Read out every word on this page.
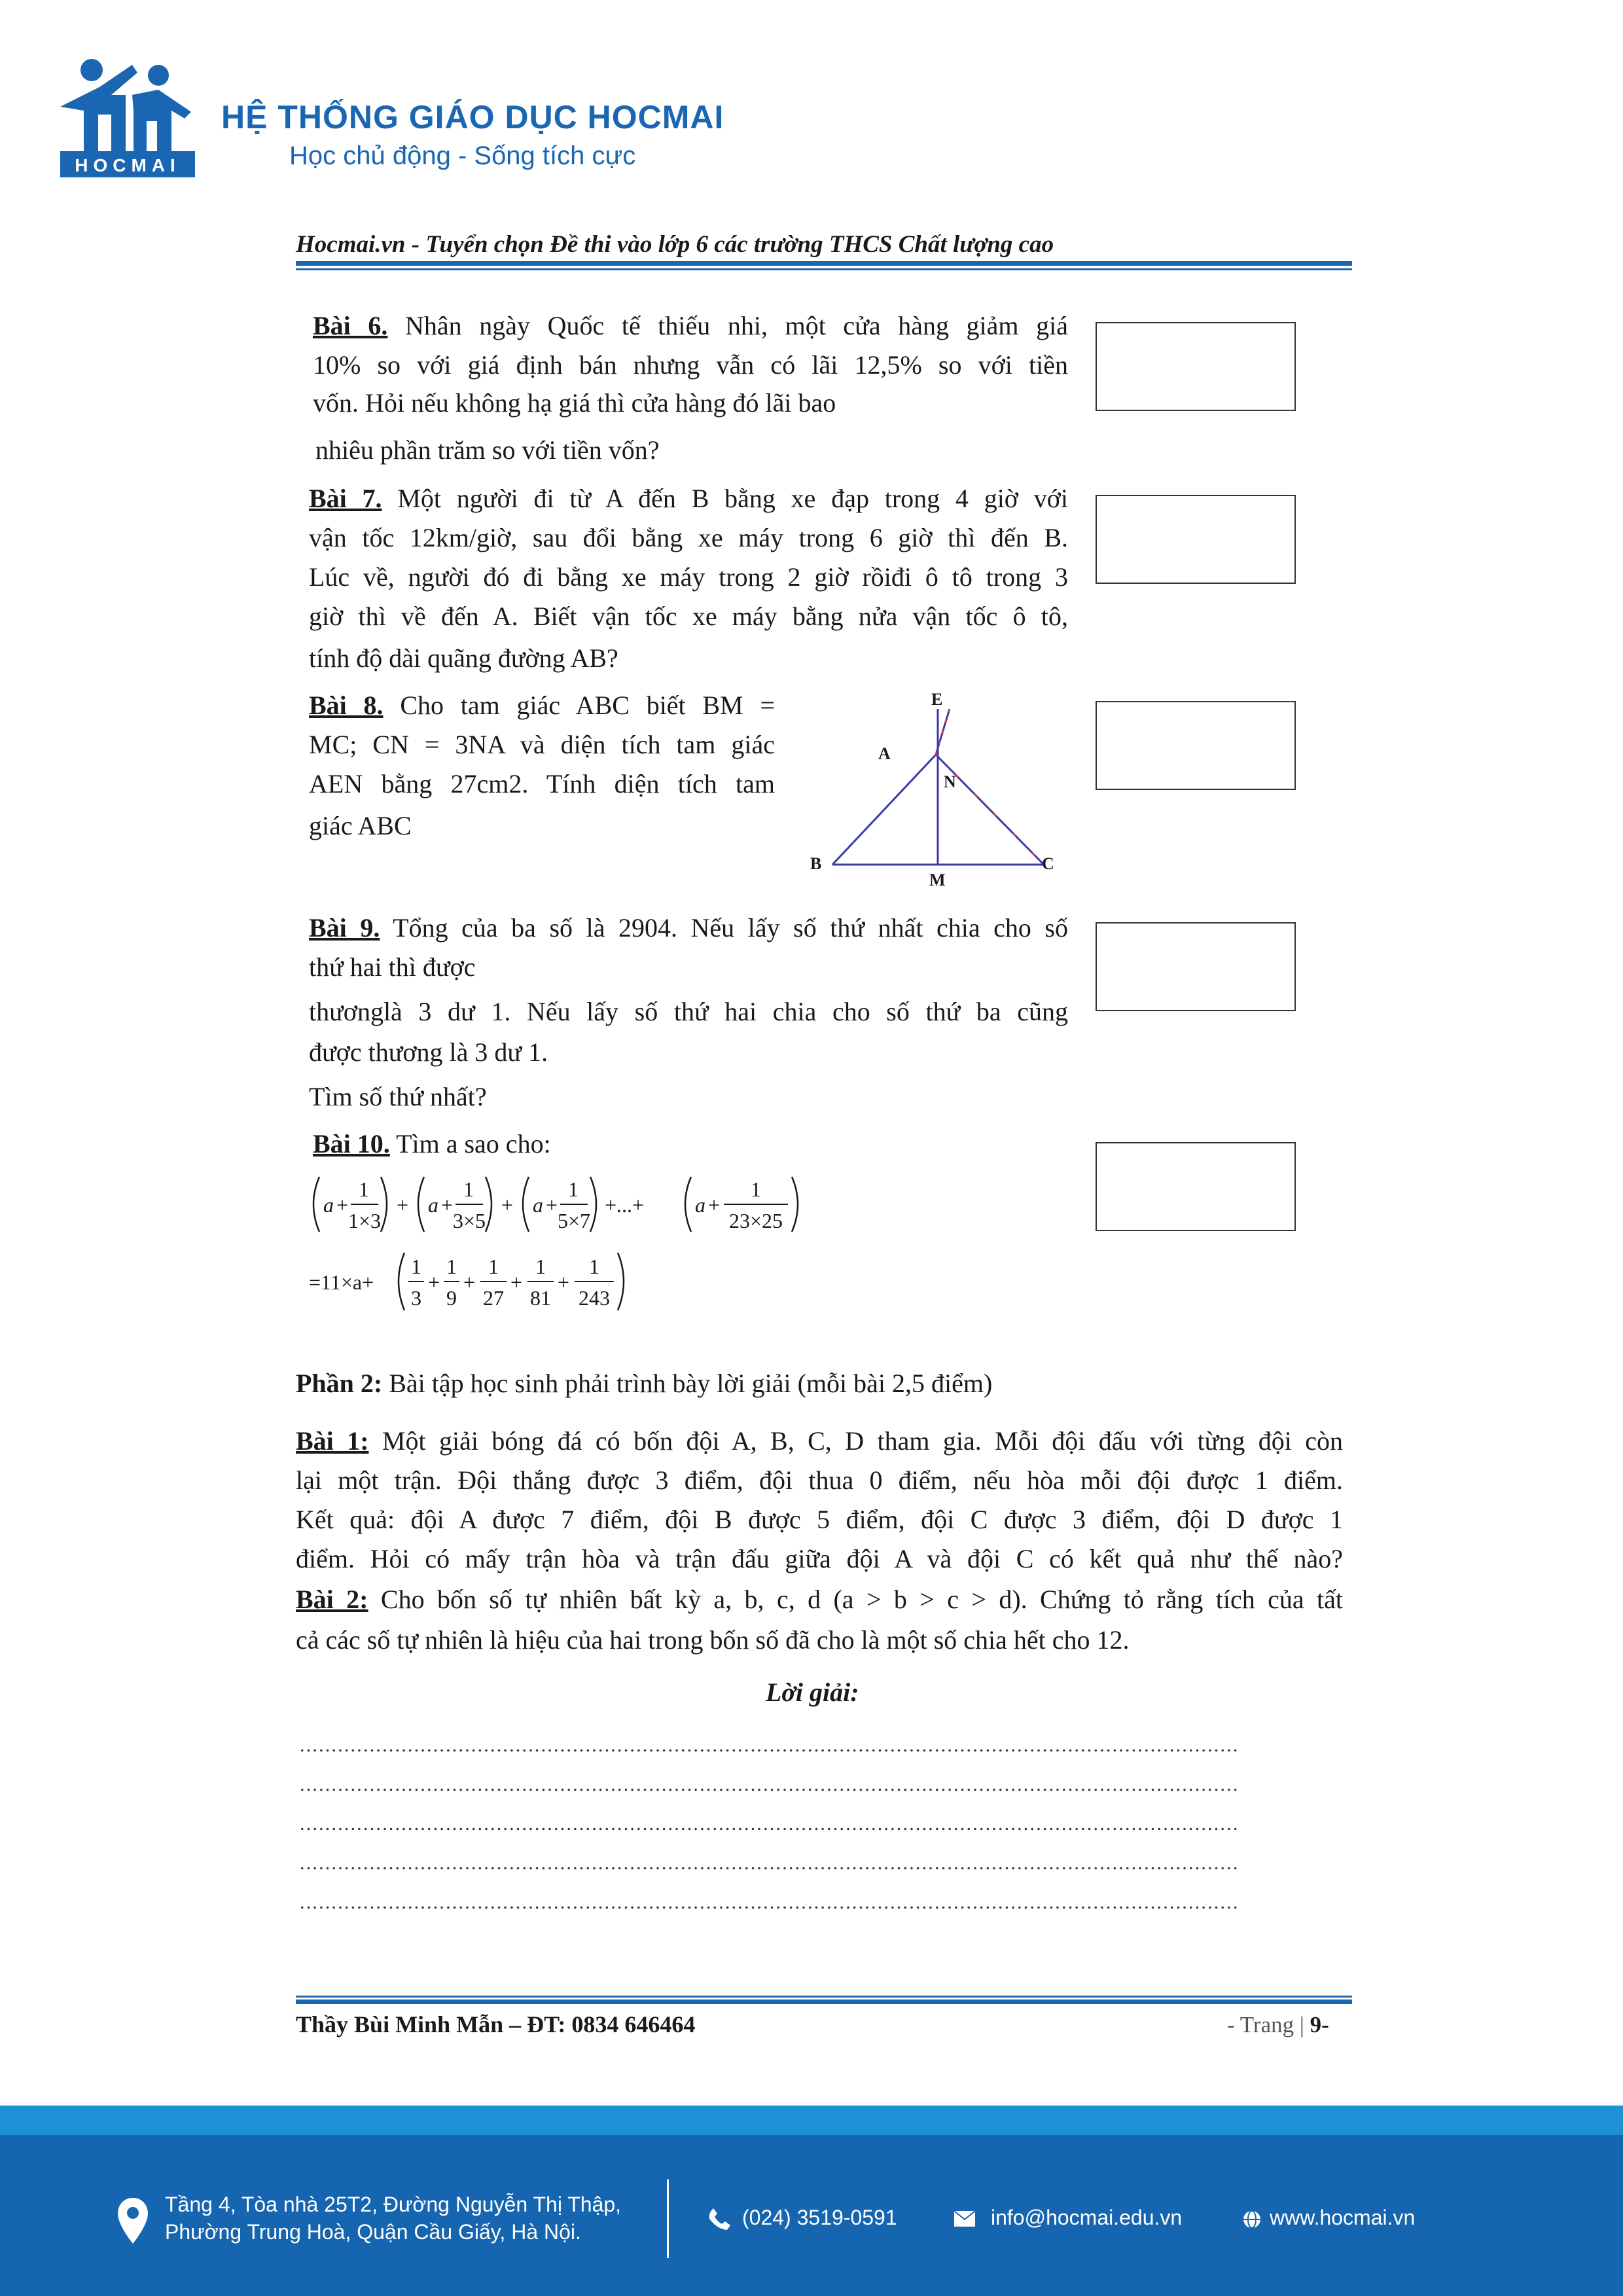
HOCMAI
HỆ THỐNG GIÁO DỤC HOCMAI
Học chủ động - Sống tích cực
Hocmai.vn - Tuyển chọn Đề thi vào lớp 6 các trường THCS Chất lượng cao
Bài 6. Nhân ngày Quốc tế thiếu nhi, một cửa hàng giảm giá
10% so với giá định bán nhưng vẫn có lãi 12,5% so với tiền
vốn. Hỏi nếu không hạ giá thì cửa hàng đó lãi bao
nhiêu phần trăm so với tiền vốn?
Bài 7. Một người đi từ A đến B bằng xe đạp trong 4 giờ với
vận tốc 12km/giờ, sau đổi bằng xe máy trong 6 giờ thì đến B.
Lúc về, người đó đi bằng xe máy trong 2 giờ rồiđi ô tô trong 3
giờ thì về đến A. Biết vận tốc xe máy bằng nửa vận tốc ô tô,
tính độ dài quãng đường AB?
Bài 8. Cho tam giác ABC biết BM =
MC; CN = 3NA và diện tích tam giác
AEN bằng 27cm2. Tính diện tích tam
giác ABC
E
A
N
B
M
C
Bài 9. Tổng của ba số là 2904. Nếu lấy số thứ nhất chia cho số
thứ hai thì được
thươnglà 3 dư 1. Nếu lấy số thứ hai chia cho số thứ ba cũng
được thương là 3 dư 1.
Tìm số thứ nhất?
Bài 10. Tìm a sao cho:
a +
1
1×3
+ a +
1
3×5
+ a +
1
5×7
+...+ a +
1
23×25
=11×a+
1
3
+
1
9
+
1
27
+
1
81
+
1
243
Phần 2: Bài tập học sinh phải trình bày lời giải (mỗi bài 2,5 điểm)
Bài 1: Một giải bóng đá có bốn đội A, B, C, D tham gia. Mỗi đội đấu với từng đội còn
lại một trận. Đội thắng được 3 điểm, đội thua 0 điểm, nếu hòa mỗi đội được 1 điểm.
Kết quả: đội A được 7 điểm, đội B được 5 điểm, đội C được 3 điểm, đội D được 1
điểm. Hỏi có mấy trận hòa và trận đấu giữa đội A và đội C có kết quả như thế nào?
Bài 2: Cho bốn số tự nhiên bất kỳ a, b, c, d (a > b > c > d). Chứng tỏ rằng tích của tất
cả các số tự nhiên là hiệu của hai trong bốn số đã cho là một số chia hết cho 12.
Lời giải:
....................................................................................................................................................
....................................................................................................................................................
....................................................................................................................................................
....................................................................................................................................................
....................................................................................................................................................
Thầy Bùi Minh Mẫn – ĐT: 0834 646464	- Trang | 9-
Tầng 4, Tòa nhà 25T2, Đường Nguyễn Thị Thập,
Phường Trung Hoà, Quận Cầu Giấy, Hà Nội.
(024) 3519-0591	info@hocmai.edu.vn	www.hocmai.vn
